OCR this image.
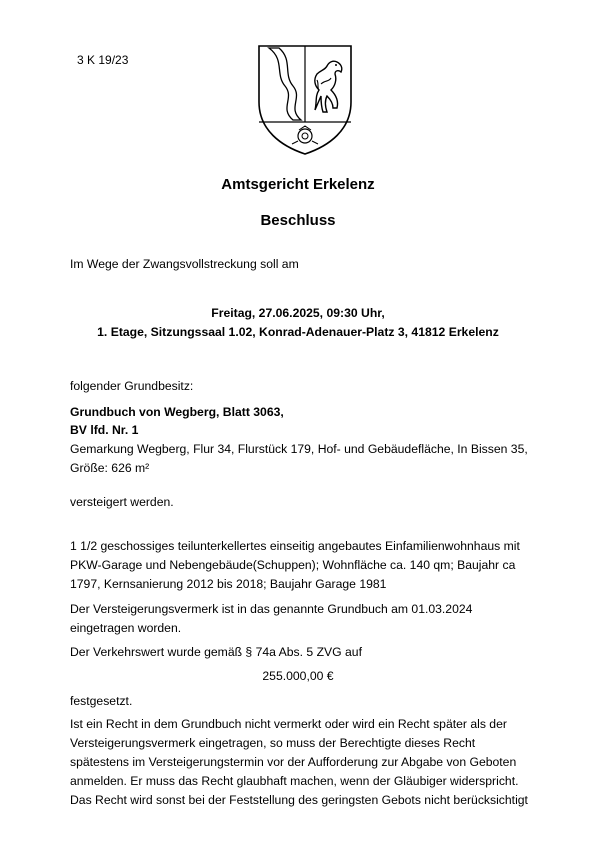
3 K 19/23
Amtsgericht Erkelenz
Beschluss
Im Wege der Zwangsvollstreckung soll am
Freitag, 27.06.2025, 09:30 Uhr,
1. Etage, Sitzungssaal 1.02, Konrad-Adenauer-Platz 3, 41812 Erkelenz
folgender Grundbesitz:
Grundbuch von Wegberg, Blatt 3063,
BV lfd. Nr. 1
Gemarkung Wegberg, Flur 34, Flurstück 179, Hof- und Gebäudefläche, In Bissen 35,
Größe: 626 m²
versteigert werden.
1 1/2 geschossiges teilunterkellertes einseitig angebautes Einfamilienwohnhaus mit
PKW-Garage und Nebengebäude(Schuppen); Wohnfläche ca. 140 qm; Baujahr ca
1797, Kernsanierung 2012 bis 2018; Baujahr Garage 1981
Der Versteigerungsvermerk ist in das genannte Grundbuch am 01.03.2024
eingetragen worden.
Der Verkehrswert wurde gemäß § 74a Abs. 5 ZVG auf
255.000,00 €
festgesetzt.
Ist ein Recht in dem Grundbuch nicht vermerkt oder wird ein Recht später als der
Versteigerungsvermerk eingetragen, so muss der Berechtigte dieses Recht
spätestens im Versteigerungstermin vor der Aufforderung zur Abgabe von Geboten
anmelden. Er muss das Recht glaubhaft machen, wenn der Gläubiger widerspricht.
Das Recht wird sonst bei der Feststellung des geringsten Gebots nicht berücksichtigt
